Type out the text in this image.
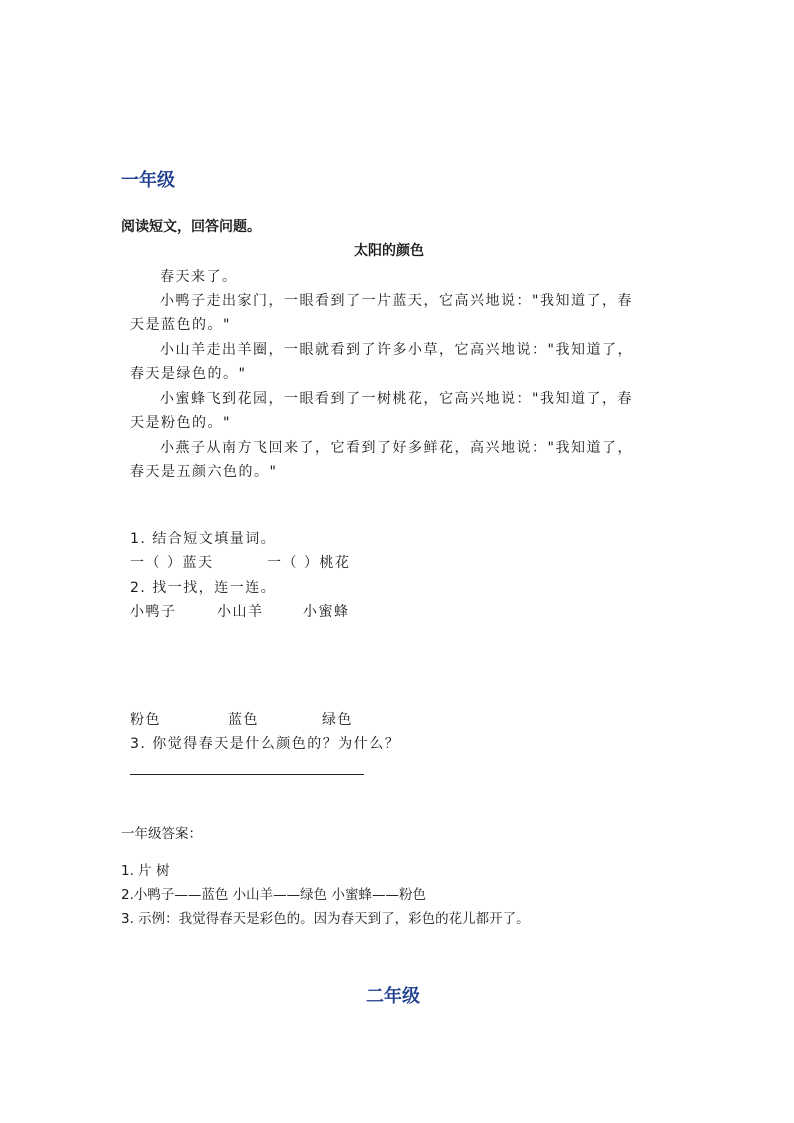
一年级
阅读短文，回答问题。
太阳的颜色
春天来了。
小鸭子走出家门，一眼看到了一片蓝天，它高兴地说："我知道了，春
天是蓝色的。"
小山羊走出羊圈，一眼就看到了许多小草，它高兴地说："我知道了，
春天是绿色的。"
小蜜蜂飞到花园，一眼看到了一树桃花，它高兴地说："我知道了，春
天是粉色的。"
小燕子从南方飞回来了，它看到了好多鲜花，高兴地说："我知道了，
春天是五颜六色的。"
1. 结合短文填量词。
一（ ）蓝天	一（ ）桃花
2. 找一找，连一连。
小鸭子	小山羊	小蜜蜂
粉色	蓝色	绿色
3. 你觉得春天是什么颜色的？为什么？
一年级答案：
1. 片 树
2.小鸭子——蓝色 小山羊——绿色 小蜜蜂——粉色
3. 示例：我觉得春天是彩色的。因为春天到了，彩色的花儿都开了。
二年级
